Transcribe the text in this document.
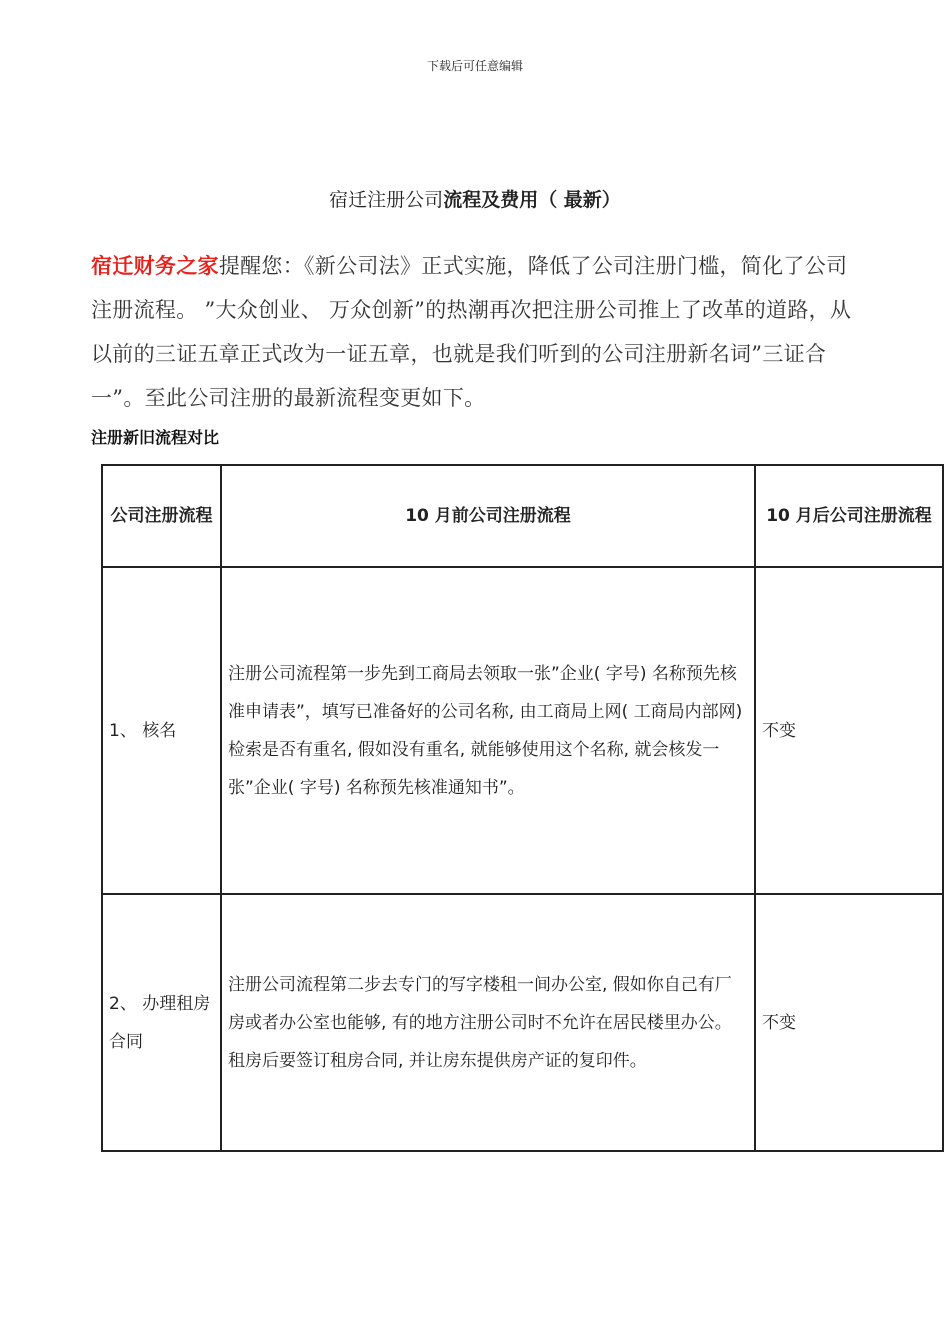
下载后可任意编辑
宿迁注册公司流程及费用（ 最新）
宿迁财务之家提醒您：《新公司法》正式实施，降低了公司注册门槛，简化了公司注册流程。 ”大众创业、 万众创新”的热潮再次把注册公司推上了改革的道路，从以前的三证五章正式改为一证五章，也就是我们听到的公司注册新名词”三证合一”。至此公司注册的最新流程变更如下。
注册新旧流程对比
公司注册流程	10 月前公司注册流程	10 月后公司注册流程
1、 核名	注册公司流程第一步先到工商局去领取一张”企业( 字号) 名称预先核准申请表”，填写已准备好的公司名称, 由工商局上网( 工商局内部网) 检索是否有重名, 假如没有重名, 就能够使用这个名称, 就会核发一张”企业( 字号) 名称预先核准通知书”。	不变
2、 办理租房合同	注册公司流程第二步去专门的写字楼租一间办公室, 假如你自己有厂房或者办公室也能够, 有的地方注册公司时不允许在居民楼里办公。租房后要签订租房合同, 并让房东提供房产证的复印件。	不变
